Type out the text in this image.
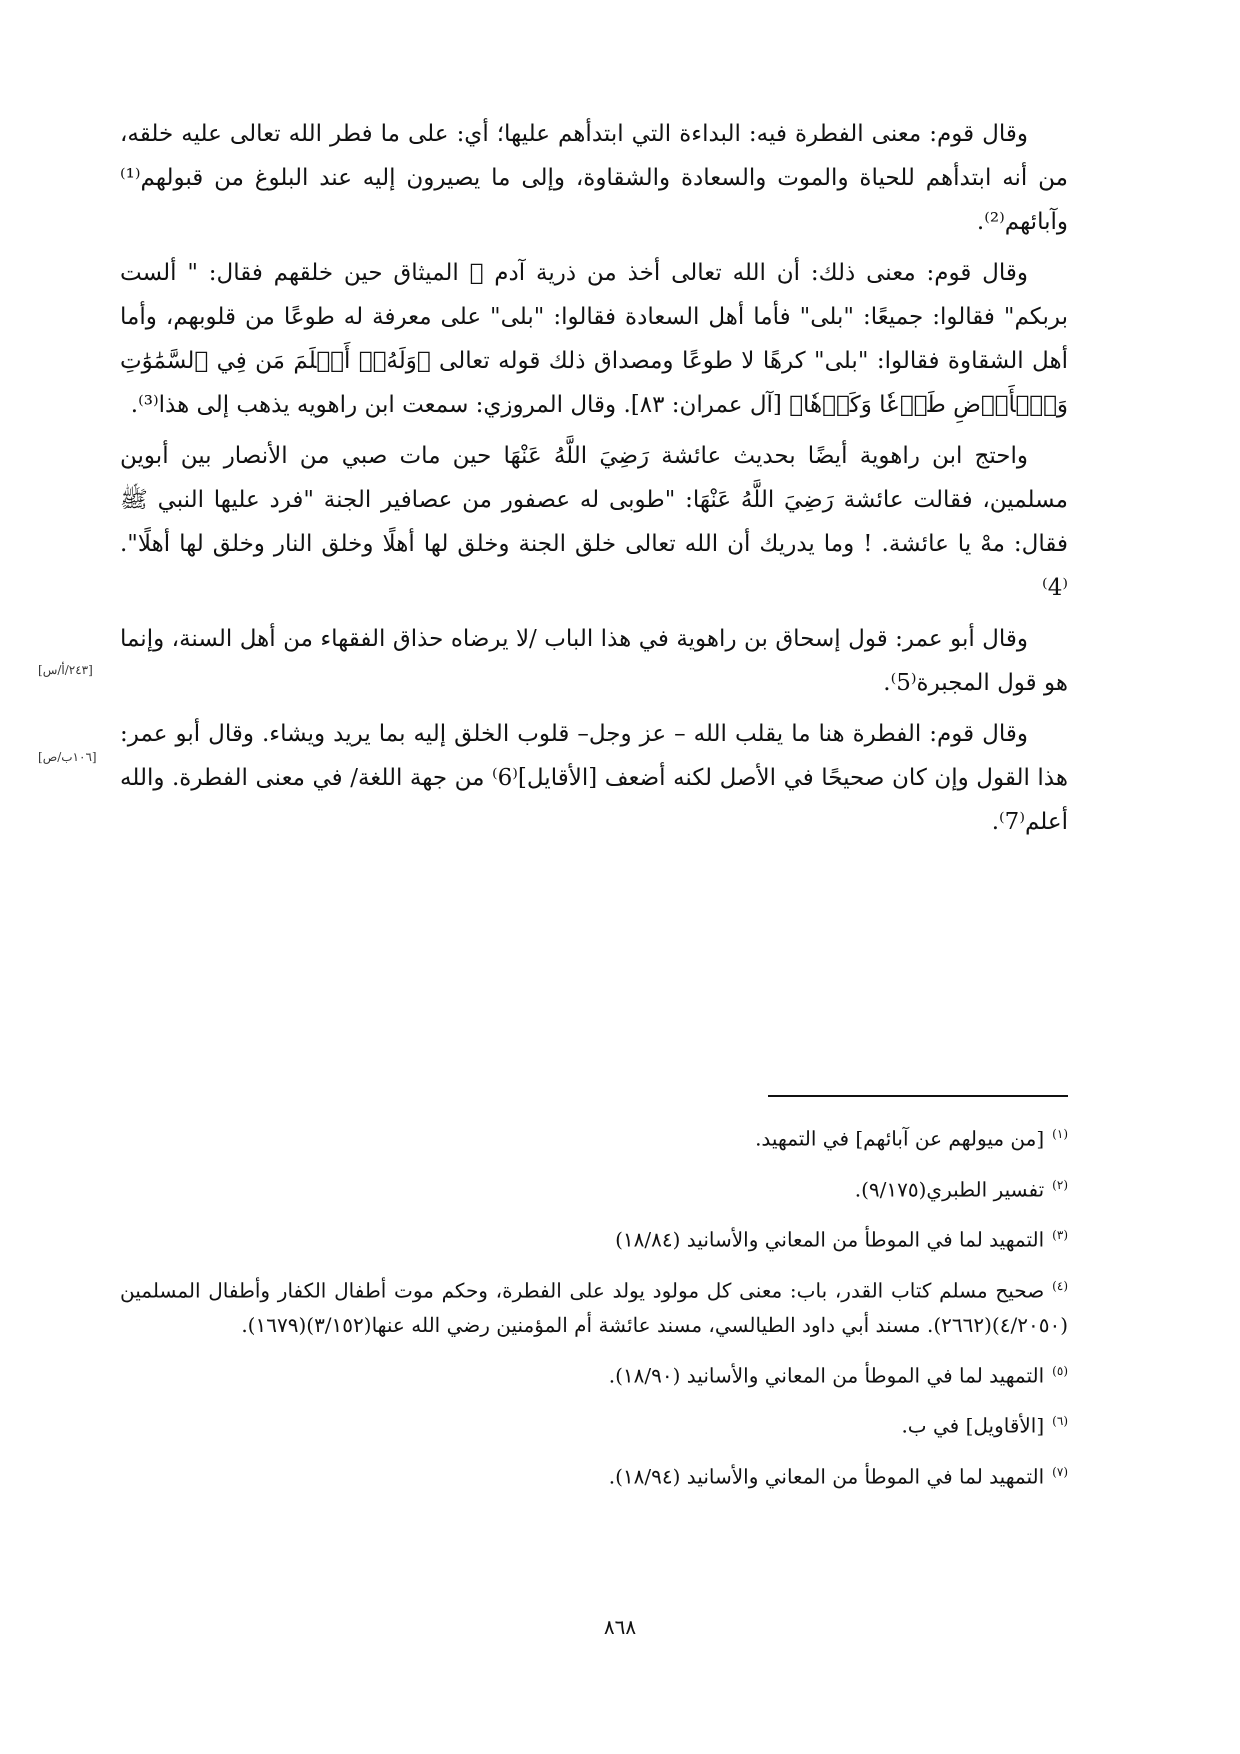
وقال قوم: معنى الفطرة فيه: البداءة التي ابتدأهم عليها؛ أي: على ما فطر الله تعالى عليه خلقه، من أنه ابتدأهم للحياة والموت والسعادة والشقاوة، وإلى ما يصيرون إليه عند البلوغ من قبولهم⁽¹⁾ وآبائهم⁽²⁾.

وقال قوم: معنى ذلك: أن الله تعالى أخذ من ذرية آدم ﷺ الميثاق حين خلقهم فقال: " ألست بربكم" فقالوا: جميعًا: "بلى" فأما أهل السعادة فقالوا: "بلى" على معرفة له طوعًا من قلوبهم، وأما أهل الشقاوة فقالوا: "بلى" كرهًا لا طوعًا ومصداق ذلك قوله تعالى ﴿وَلَهُۥٓ أَسۡلَمَ مَن فِي ٱلسَّمَٰوَٰتِ وَٱلۡأَرۡضِ طَوۡعٗا وَكَرۡهٗا﴾ [آل عمران: ٨٣]. وقال المروزي: سمعت ابن راهويه يذهب إلى هذا⁽³⁾.

واحتج ابن راهوية أيضًا بحديث عائشة رَضِيَ اللَّهُ عَنْهَا حين مات صبي من الأنصار بين أبوين مسلمين، فقالت عائشة رَضِيَ اللَّهُ عَنْهَا: "طوبى له عصفور من عصافير الجنة "فرد عليها النبي ﷺ فقال: مهْ يا عائشة. ! وما يدريك أن الله تعالى خلق الجنة وخلق لها أهلًا وخلق النار وخلق لها أهلًا". ⁽4⁾

وقال أبو عمر: قول إسحاق بن راهوية في هذا الباب /لا يرضاه حذاق الفقهاء من أهل السنة، وإنما هو قول المجبرة⁽5⁾.

وقال قوم: الفطرة هنا ما يقلب الله – عز وجل– قلوب الخلق إليه بما يريد ويشاء. وقال أبو عمر: هذا القول وإن كان صحيحًا في الأصل لكنه أضعف [الأقايل]⁽6⁾ من جهة اللغة/ في معنى الفطرة. والله أعلم⁽7⁾.

[٢٤٣/أ/س]
[١٠٦ب/ص]
$^{(١)}$[من ميولهم عن آبائهم] في التمهيد.
$^{(٢)}$تفسير الطبري(٩/١٧٥).
$^{(٣)}$التمهيد لما في الموطأ من المعاني والأسانيد (١٨/٨٤)
$^{(٤)}$صحيح مسلم كتاب القدر، باب: معنى كل مولود يولد على الفطرة، وحكم موت أطفال الكفار وأطفال المسلمين (٤/٢٠٥٠)(٢٦٦٢). مسند أبي داود الطيالسي، مسند عائشة أم المؤمنين رضي الله عنها(٣/١٥٢)(١٦٧٩).
$^{(٥)}$التمهيد لما في الموطأ من المعاني والأسانيد (١٨/٩٠).
$^{(٦)}$[الأقاويل] في ب.
$^{(٧)}$التمهيد لما في الموطأ من المعاني والأسانيد (١٨/٩٤).
٨٦٨
